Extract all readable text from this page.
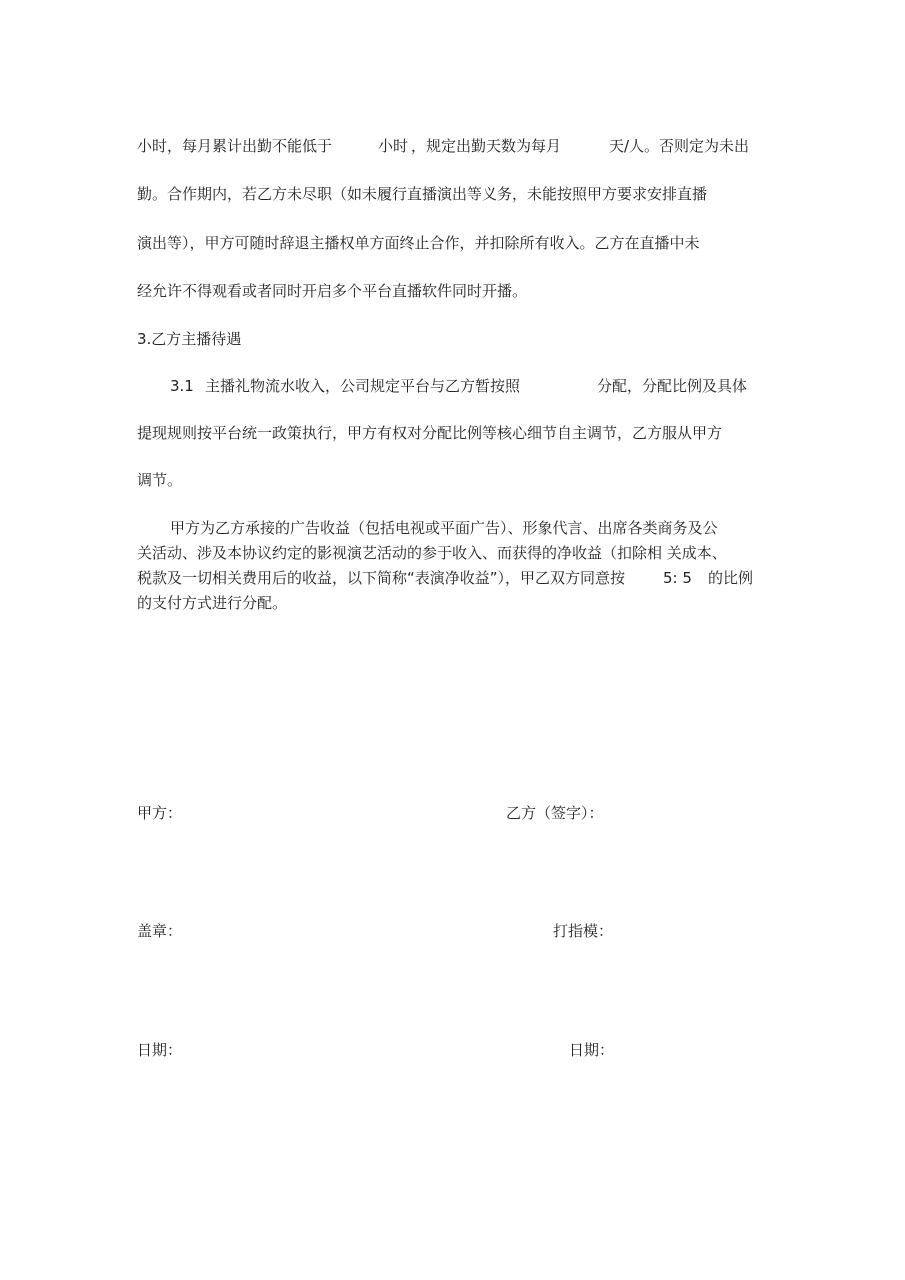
小时，每月累计出勤不能低于	小时 ，规定出勤天数为每月	天/人。否则定为未出
勤。合作期内，若乙方未尽职（如未履行直播演出等义务，未能按照甲方要求安排直播
演出等），甲方可随时辞退主播权单方面终止合作，并扣除所有收入。乙方在直播中未
经允许不得观看或者同时开启多个平台直播软件同时开播。
3.乙方主播待遇
3.1 主播礼物流水收入，公司规定平台与乙方暂按照	分配，分配比例及具体
提现规则按平台统一政策执行，甲方有权对分配比例等核心细节自主调节，乙方服从甲方
调节。
甲方为乙方承接的广告收益（包括电视或平面广告）、形象代言、出席各类商务及公
关活动、涉及本协议约定的影视演艺活动的参于收入、而获得的净收益（扣除相 关成本、
税款及一切相关费用后的收益，以下简称“表演净收益”），甲乙双方同意按	5: 5 的比例
的支付方式进行分配。
甲方：	乙方（签字）：
盖章：	打指模：
日期：	日期：
